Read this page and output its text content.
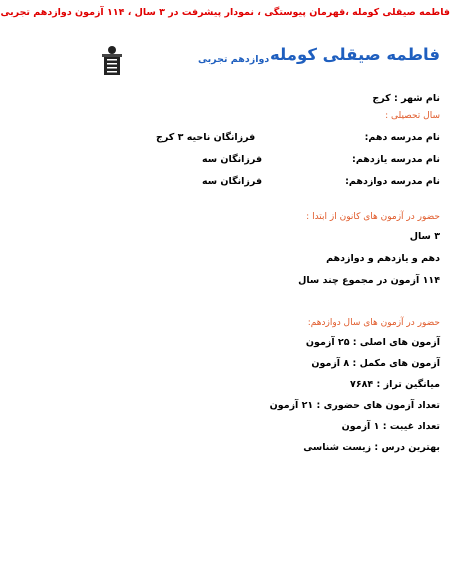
فاطمه صیقلی کومله ،قهرمان پیوستگی ، نمودار پیشرفت در ۳ سال ، ۱۱۴ آزمون دوازدهم تجربی
فاطمه صیقلی کومله
دوازدهم تجربی
نام شهر : کرج
سال تحصیلی :
نام مدرسه دهم:
فرزانگان ناحیه ۳ کرج
نام مدرسه یازدهم:
فرزانگان سه
نام مدرسه دوازدهم:
فرزانگان سه
حضور در آزمون های کانون از ابتدا :
۳ سال
دهم و یازدهم و دوازدهم
۱۱۴ آزمون در مجموع چند سال
حضور در آزمون های سال دوازدهم:
آزمون های اصلی : ۲۵ آزمون
آزمون های مکمل : ۸ آزمون
میانگین تراز : ۷۶۸۴
تعداد آزمون های حضوری : ۲۱ آزمون
تعداد غیبت : ۱ آزمون
بهترین درس : زیست شناسی
